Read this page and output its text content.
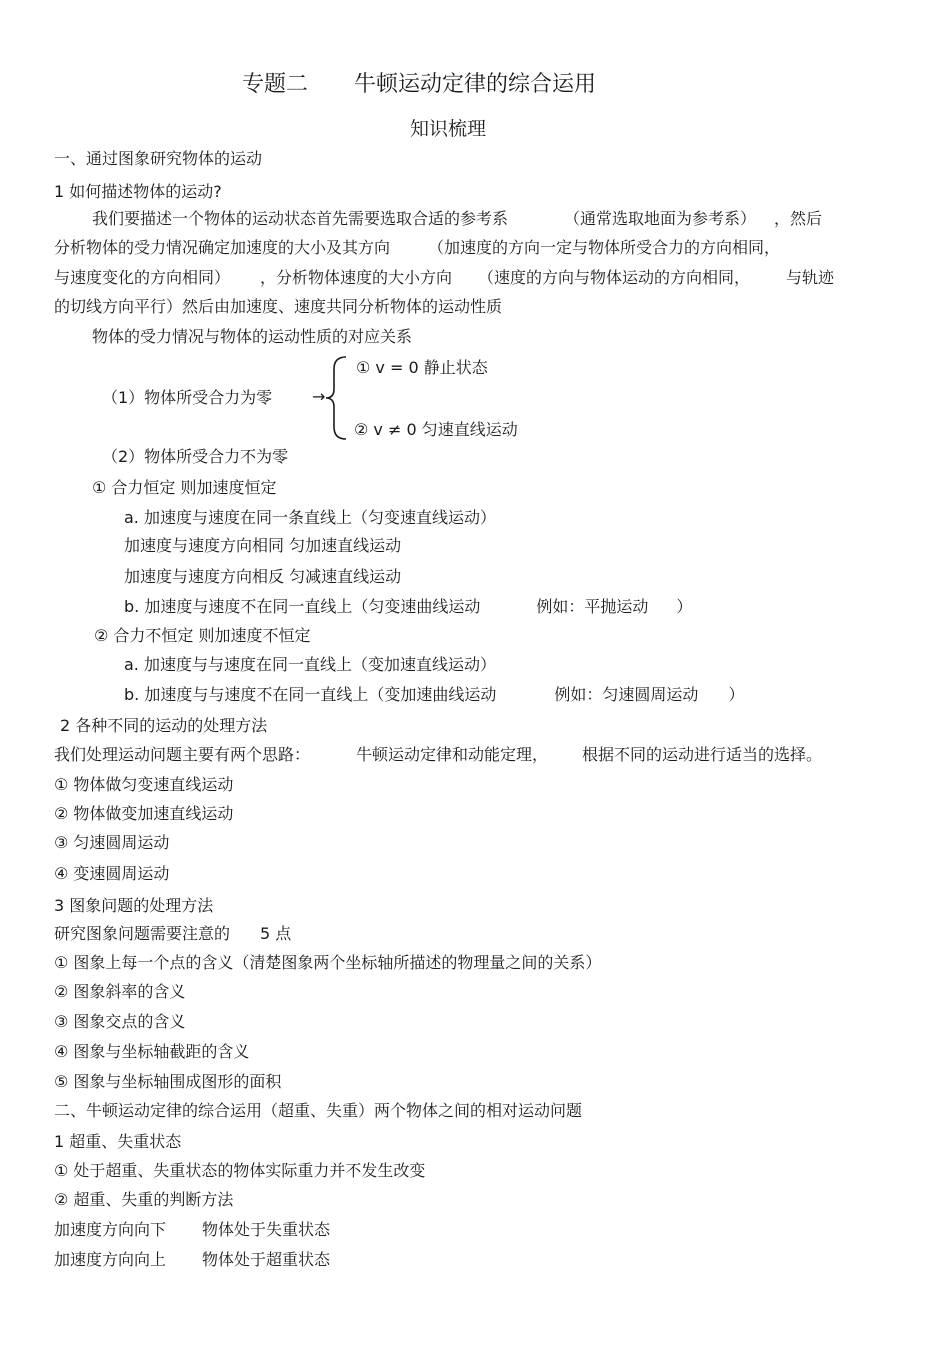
专题二 牛顿运动定律的综合运用
知识梳理
一、通过图象研究物体的运动
1 如何描述物体的运动?
我们要描述一个物体的运动状态首先需要选取合适的参考系	（通常选取地面为参考系） ，然后
分析物体的受力情况确定加速度的大小及其方向 （加速度的方向一定与物体所受合力的方向相同，
与速度变化的方向相同） ，分析物体速度的大小方向 （速度的方向与物体运动的方向相同， 与轨迹
的切线方向平行）然后由加速度、速度共同分析物体的运动性质
物体的受力情况与物体的运动性质的对应关系
（1）物体所受合力为零 →
① v = 0 静止状态
② v ≠ 0 匀速直线运动
（2）物体所受合力不为零
① 合力恒定 则加速度恒定
a. 加速度与速度在同一条直线上（匀变速直线运动）
加速度与速度方向相同 匀加速直线运动
加速度与速度方向相反 匀减速直线运动
b. 加速度与速度不在同一直线上（匀变速曲线运动	例如：平抛运动 ）
② 合力不恒定 则加速度不恒定
a. 加速度与与速度在同一直线上（变加速直线运动）
b. 加速度与与速度不在同一直线上（变加速曲线运动	例如：匀速圆周运动 ）
2 各种不同的运动的处理方法
我们处理运动问题主要有两个思路：	牛顿运动定律和动能定理， 根据不同的运动进行适当的选择。
① 物体做匀变速直线运动
② 物体做变加速直线运动
③ 匀速圆周运动
④ 变速圆周运动
3 图象问题的处理方法
研究图象问题需要注意的 5 点
① 图象上每一个点的含义（清楚图象两个坐标轴所描述的物理量之间的关系）
② 图象斜率的含义
③ 图象交点的含义
④ 图象与坐标轴截距的含义
⑤ 图象与坐标轴围成图形的面积
二、牛顿运动定律的综合运用（超重、失重）两个物体之间的相对运动问题
1 超重、失重状态
① 处于超重、失重状态的物体实际重力并不发生改变
② 超重、失重的判断方法
加速度方向向下 物体处于失重状态
加速度方向向上 物体处于超重状态
